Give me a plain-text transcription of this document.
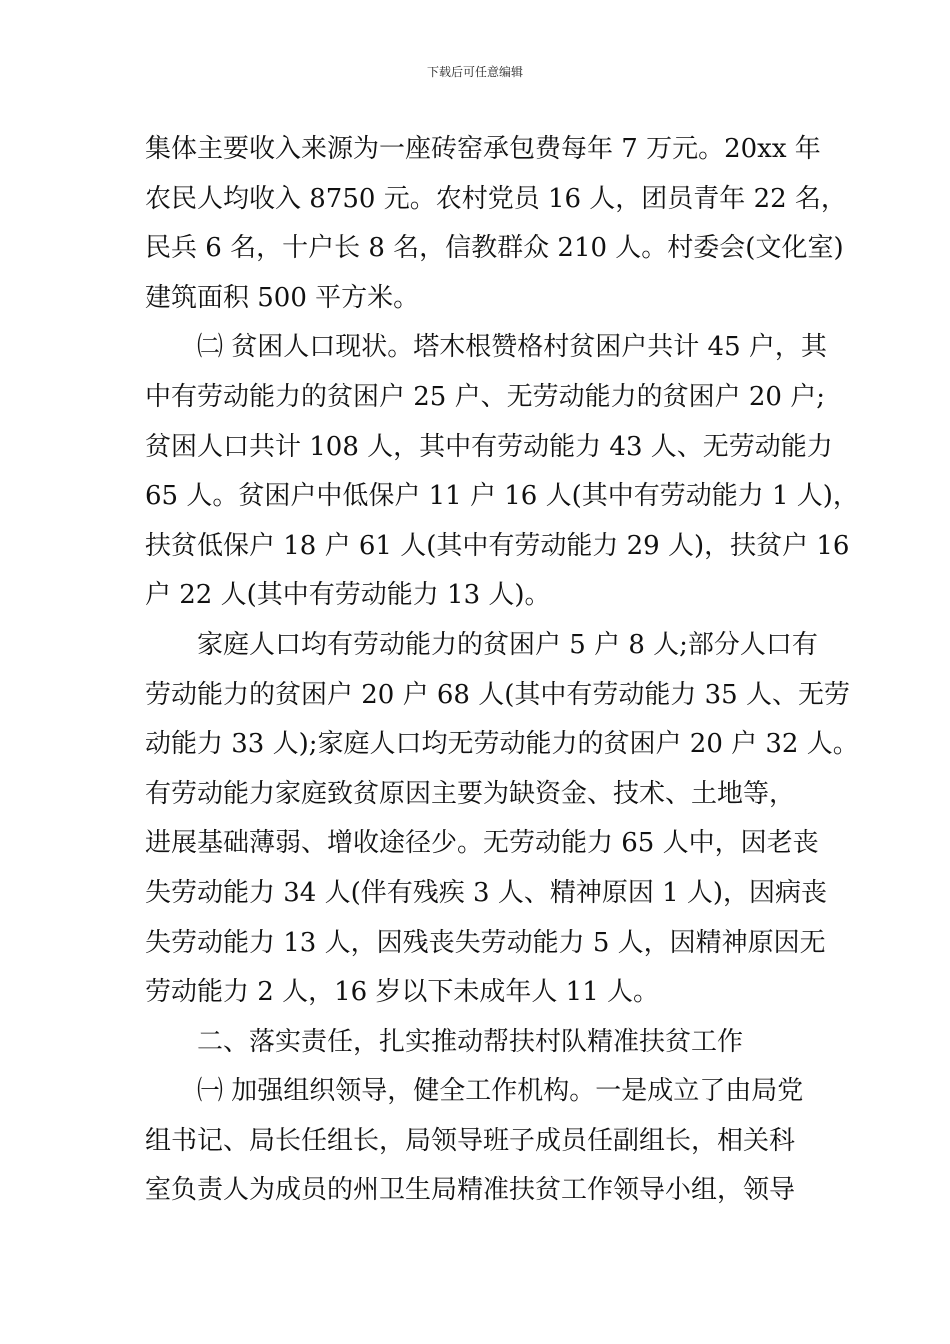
下载后可任意编辑
集体主要收入来源为一座砖窑承包费每年 7 万元。20xx 年
农民人均收入 8750 元。农村党员 16 人，团员青年 22 名，
民兵 6 名，十户长 8 名，信教群众 210 人。村委会(文化室)
建筑面积 500 平方米。
㈡ 贫困人口现状。塔木根赞格村贫困户共计 45 户，其
中有劳动能力的贫困户 25 户、无劳动能力的贫困户 20 户;
贫困人口共计 108 人，其中有劳动能力 43 人、无劳动能力
65 人。贫困户中低保户 11 户 16 人(其中有劳动能力 1 人)，
扶贫低保户 18 户 61 人(其中有劳动能力 29 人)，扶贫户 16
户 22 人(其中有劳动能力 13 人)。
家庭人口均有劳动能力的贫困户 5 户 8 人;部分人口有
劳动能力的贫困户 20 户 68 人(其中有劳动能力 35 人、无劳
动能力 33 人);家庭人口均无劳动能力的贫困户 20 户 32 人。
有劳动能力家庭致贫原因主要为缺资金、技术、土地等，
进展基础薄弱、增收途径少。无劳动能力 65 人中，因老丧
失劳动能力 34 人(伴有残疾 3 人、精神原因 1 人)，因病丧
失劳动能力 13 人，因残丧失劳动能力 5 人，因精神原因无
劳动能力 2 人，16 岁以下未成年人 11 人。
二、落实责任，扎实推动帮扶村队精准扶贫工作
㈠ 加强组织领导，健全工作机构。一是成立了由局党
组书记、局长任组长，局领导班子成员任副组长，相关科
室负责人为成员的州卫生局精准扶贫工作领导小组，领导
